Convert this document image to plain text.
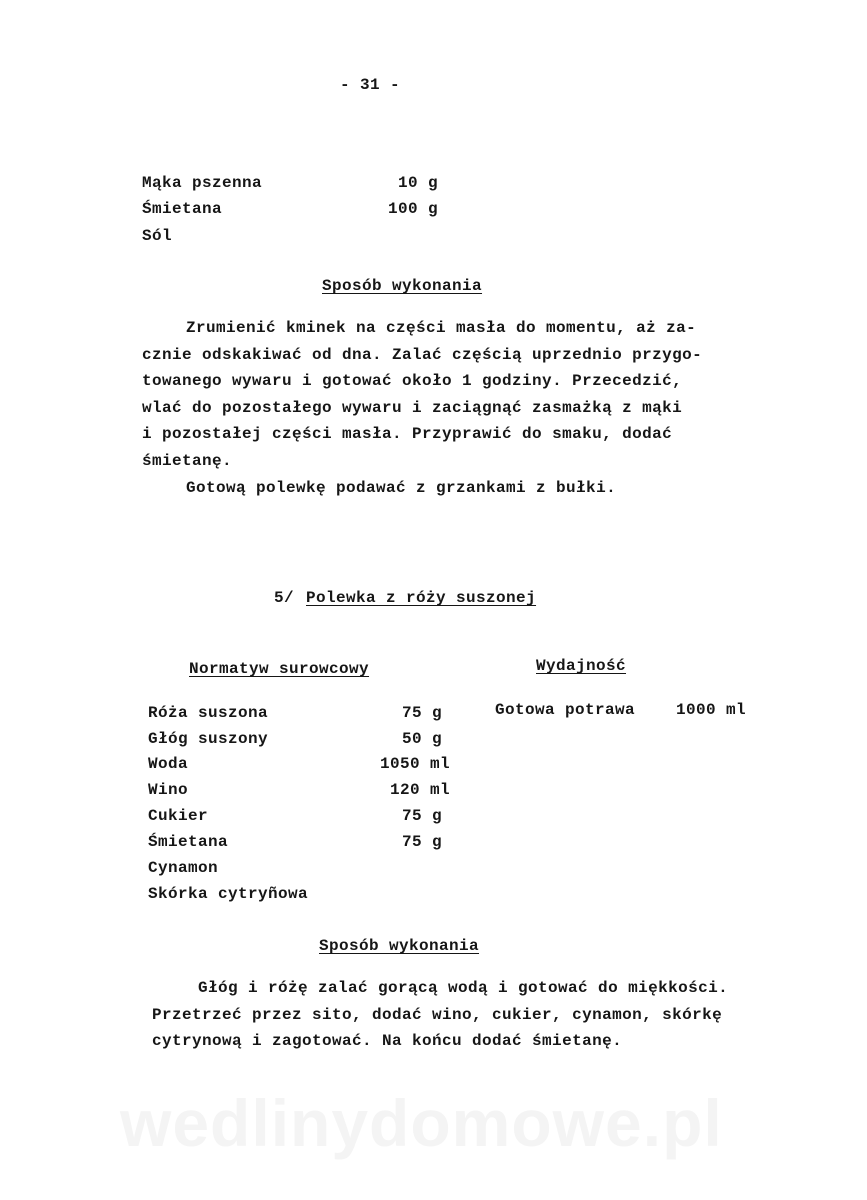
- 31 -
Mąka pszenna	10 g
Śmietana	100 g
Sól
Sposób wykonania
Zrumienić kminek na części masła do momentu, aż za-
cznie odskakiwać od dna. Zalać częścią uprzednio przygo-
towanego wywaru i gotować około 1 godziny. Przecedzić,
wlać do pozostałego wywaru i zaciągnąć zasmażką z mąki
i pozostałej części masła. Przyprawić do smaku, dodać
śmietanę.
Gotową polewkę podawać z grzankami z bułki.
5/ Polewka z róży suszonej
Normatyw surowcowy	Wydajność
Gotowa potrawa	1000 ml
Róża suszona	75 g
Głóg suszony	50 g
Woda	1050 ml
Wino	120 ml
Cukier	75 g
Śmietana	75 g
Cynamon
Skórka cytryñowa
Sposób wykonania
Głóg i różę zalać gorącą wodą i gotować do miękkości.
Przetrzeć przez sito, dodać wino, cukier, cynamon, skórkę
cytrynową i zagotować. Na końcu dodać śmietanę.
wedlinydomowe.pl
